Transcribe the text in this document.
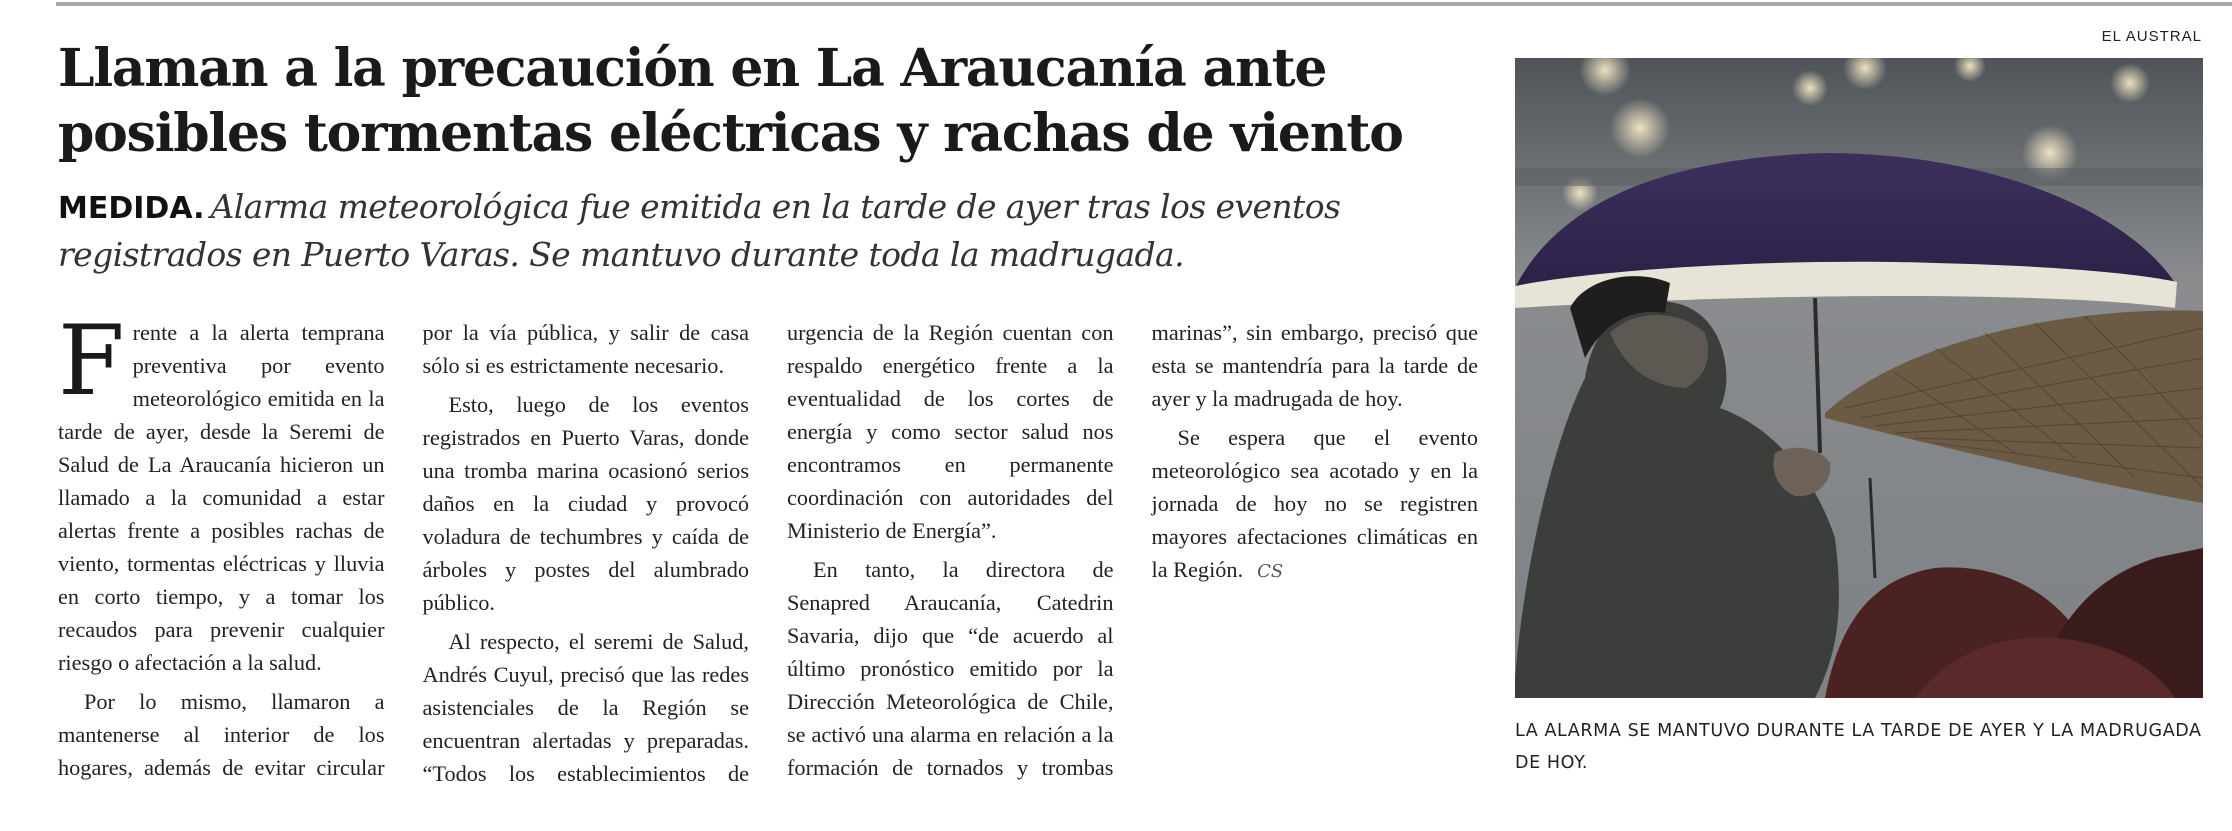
EL AUSTRAL
Llaman a la precaución en La Araucanía ante posibles tormentas eléctricas y rachas de viento

MEDIDA. Alarma meteorológica fue emitida en la tarde de ayer tras los eventos registrados en Puerto Varas. Se mantuvo durante toda la madrugada.

Frente a la alerta temprana preventiva por evento meteorológico emitida en la tarde de ayer, desde la Seremi de Salud de La Araucanía hicieron un llamado a la comunidad a estar alertas frente a posibles rachas de viento, tormentas eléctricas y lluvia en corto tiempo, y a tomar los recaudos para prevenir cualquier riesgo o afectación a la salud.

Por lo mismo, llamaron a mantenerse al interior de los hogares, además de evitar circular por la vía pública, y salir de casa sólo si es estrictamente necesario.

Esto, luego de los eventos registrados en Puerto Varas, donde una tromba marina ocasionó serios daños en la ciudad y provocó voladura de techumbres y caída de árboles y postes del alumbrado público.

Al respecto, el seremi de Salud, Andrés Cuyul, precisó que las redes asistenciales de la Región se encuentran alertadas y preparadas. “Todos los establecimientos de urgencia de la Región cuentan con respaldo energético frente a la eventualidad de los cortes de energía y como sector salud nos encontramos en permanente coordinación con autoridades del Ministerio de Energía”.

En tanto, la directora de Senapred Araucanía, Catedrin Savaria, dijo que “de acuerdo al último pronóstico emitido por la Dirección Meteorológica de Chile, se activó una alarma en relación a la formación de tornados y trombas marinas”, sin embargo, precisó que esta se mantendría para la tarde de ayer y la madrugada de hoy.

Se espera que el evento meteorológico sea acotado y en la jornada de hoy no se registren mayores afectaciones climáticas en la Región. CS

LA ALARMA SE MANTUVO DURANTE LA TARDE DE AYER Y LA MADRUGADA DE HOY.
